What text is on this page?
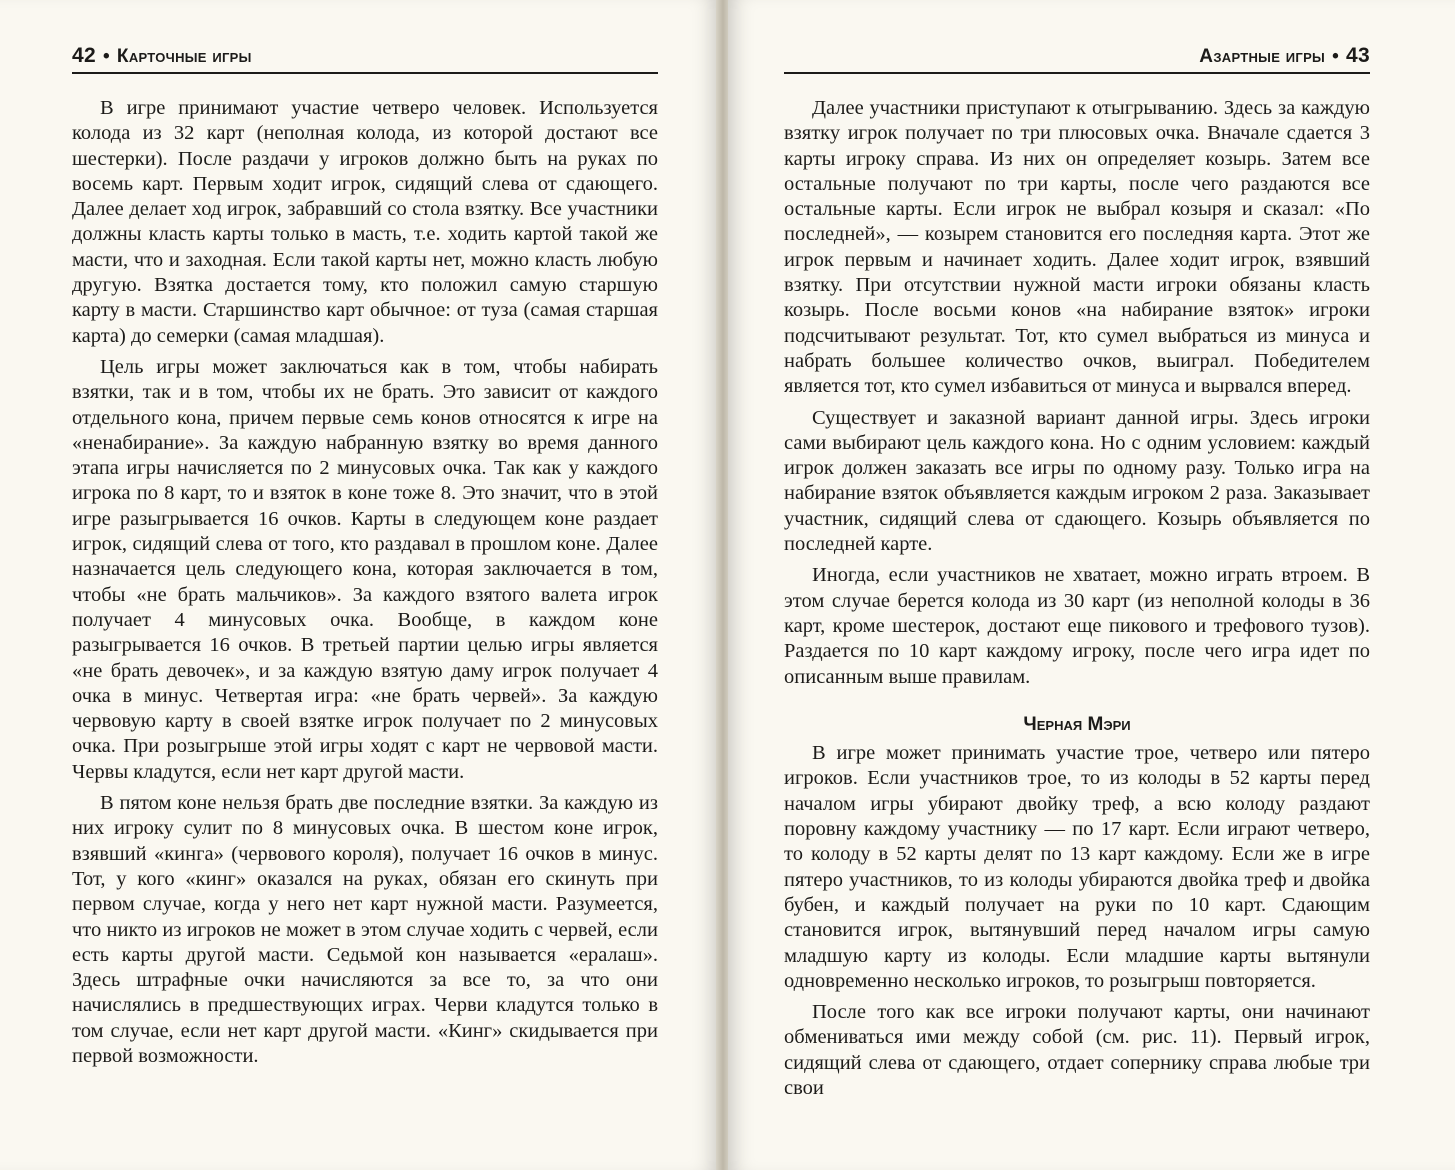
42 • Карточные игры

В игре принимают участие четверо человек. Используется колода из 32 карт (неполная колода, из которой достают все шестерки). После раздачи у игроков должно быть на руках по восемь карт. Первым ходит игрок, сидящий слева от сдающего. Далее делает ход игрок, забравший со стола взятку. Все участники должны класть карты только в масть, т.е. ходить картой такой же масти, что и заходная. Если такой карты нет, можно класть любую другую. Взятка достается тому, кто положил самую старшую карту в масти. Старшинство карт обычное: от туза (самая старшая карта) до семерки (самая младшая).

Цель игры может заключаться как в том, чтобы набирать взятки, так и в том, чтобы их не брать. Это зависит от каждого отдельного кона, причем первые семь конов относятся к игре на «ненабирание». За каждую набранную взятку во время данного этапа игры начисляется по 2 минусовых очка. Так как у каждого игрока по 8 карт, то и взяток в коне тоже 8. Это значит, что в этой игре разыгрывается 16 очков. Карты в следующем коне раздает игрок, сидящий слева от того, кто раздавал в прошлом коне. Далее назначается цель следующего кона, которая заключается в том, чтобы «не брать мальчиков». За каждого взятого валета игрок получает 4 минусовых очка. Вообще, в каждом коне разыгрывается 16 очков. В третьей партии целью игры является «не брать девочек», и за каждую взятую даму игрок получает 4 очка в минус. Четвертая игра: «не брать червей». За каждую червовую карту в своей взятке игрок получает по 2 минусовых очка. При розыгрыше этой игры ходят с карт не червовой масти. Червы кладутся, если нет карт другой масти.

В пятом коне нельзя брать две последние взятки. За каждую из них игроку сулит по 8 минусовых очка. В шестом коне игрок, взявший «кинга» (червового короля), получает 16 очков в минус. Тот, у кого «кинг» оказался на руках, обязан его скинуть при первом случае, когда у него нет карт нужной масти. Разумеется, что никто из игроков не может в этом случае ходить с червей, если есть карты другой масти. Седьмой кон называется «ералаш». Здесь штрафные очки начисляются за все то, за что они начислялись в предшествующих играх. Черви кладутся только в том случае, если нет карт другой масти. «Кинг» скидывается при первой возможности.

Азартные игры • 43

Далее участники приступают к отыгрыванию. Здесь за каждую взятку игрок получает по три плюсовых очка. Вначале сдается 3 карты игроку справа. Из них он определяет козырь. Затем все остальные получают по три карты, после чего раздаются все остальные карты. Если игрок не выбрал козыря и сказал: «По последней», — козырем становится его последняя карта. Этот же игрок первым и начинает ходить. Далее ходит игрок, взявший взятку. При отсутствии нужной масти игроки обязаны класть козырь. После восьми конов «на набирание взяток» игроки подсчитывают результат. Тот, кто сумел выбраться из минуса и набрать большее количество очков, выиграл. Победителем является тот, кто сумел избавиться от минуса и вырвался вперед.

Существует и заказной вариант данной игры. Здесь игроки сами выбирают цель каждого кона. Но с одним условием: каждый игрок должен заказать все игры по одному разу. Только игра на набирание взяток объявляется каждым игроком 2 раза. Заказывает участник, сидящий слева от сдающего. Козырь объявляется по последней карте.

Иногда, если участников не хватает, можно играть втроем. В этом случае берется колода из 30 карт (из неполной колоды в 36 карт, кроме шестерок, достают еще пикового и трефового тузов). Раздается по 10 карт каждому игроку, после чего игра идет по описанным выше правилам.

Черная Мэри

В игре может принимать участие трое, четверо или пятеро игроков. Если участников трое, то из колоды в 52 карты перед началом игры убирают двойку треф, а всю колоду раздают поровну каждому участнику — по 17 карт. Если играют четверо, то колоду в 52 карты делят по 13 карт каждому. Если же в игре пятеро участников, то из колоды убираются двойка треф и двойка бубен, и каждый получает на руки по 10 карт. Сдающим становится игрок, вытянувший перед началом игры самую младшую карту из колоды. Если младшие карты вытянули одновременно несколько игроков, то розыгрыш повторяется.

После того как все игроки получают карты, они начинают обмениваться ими между собой (см. рис. 11). Первый игрок, сидящий слева от сдающего, отдает сопернику справа любые три свои
